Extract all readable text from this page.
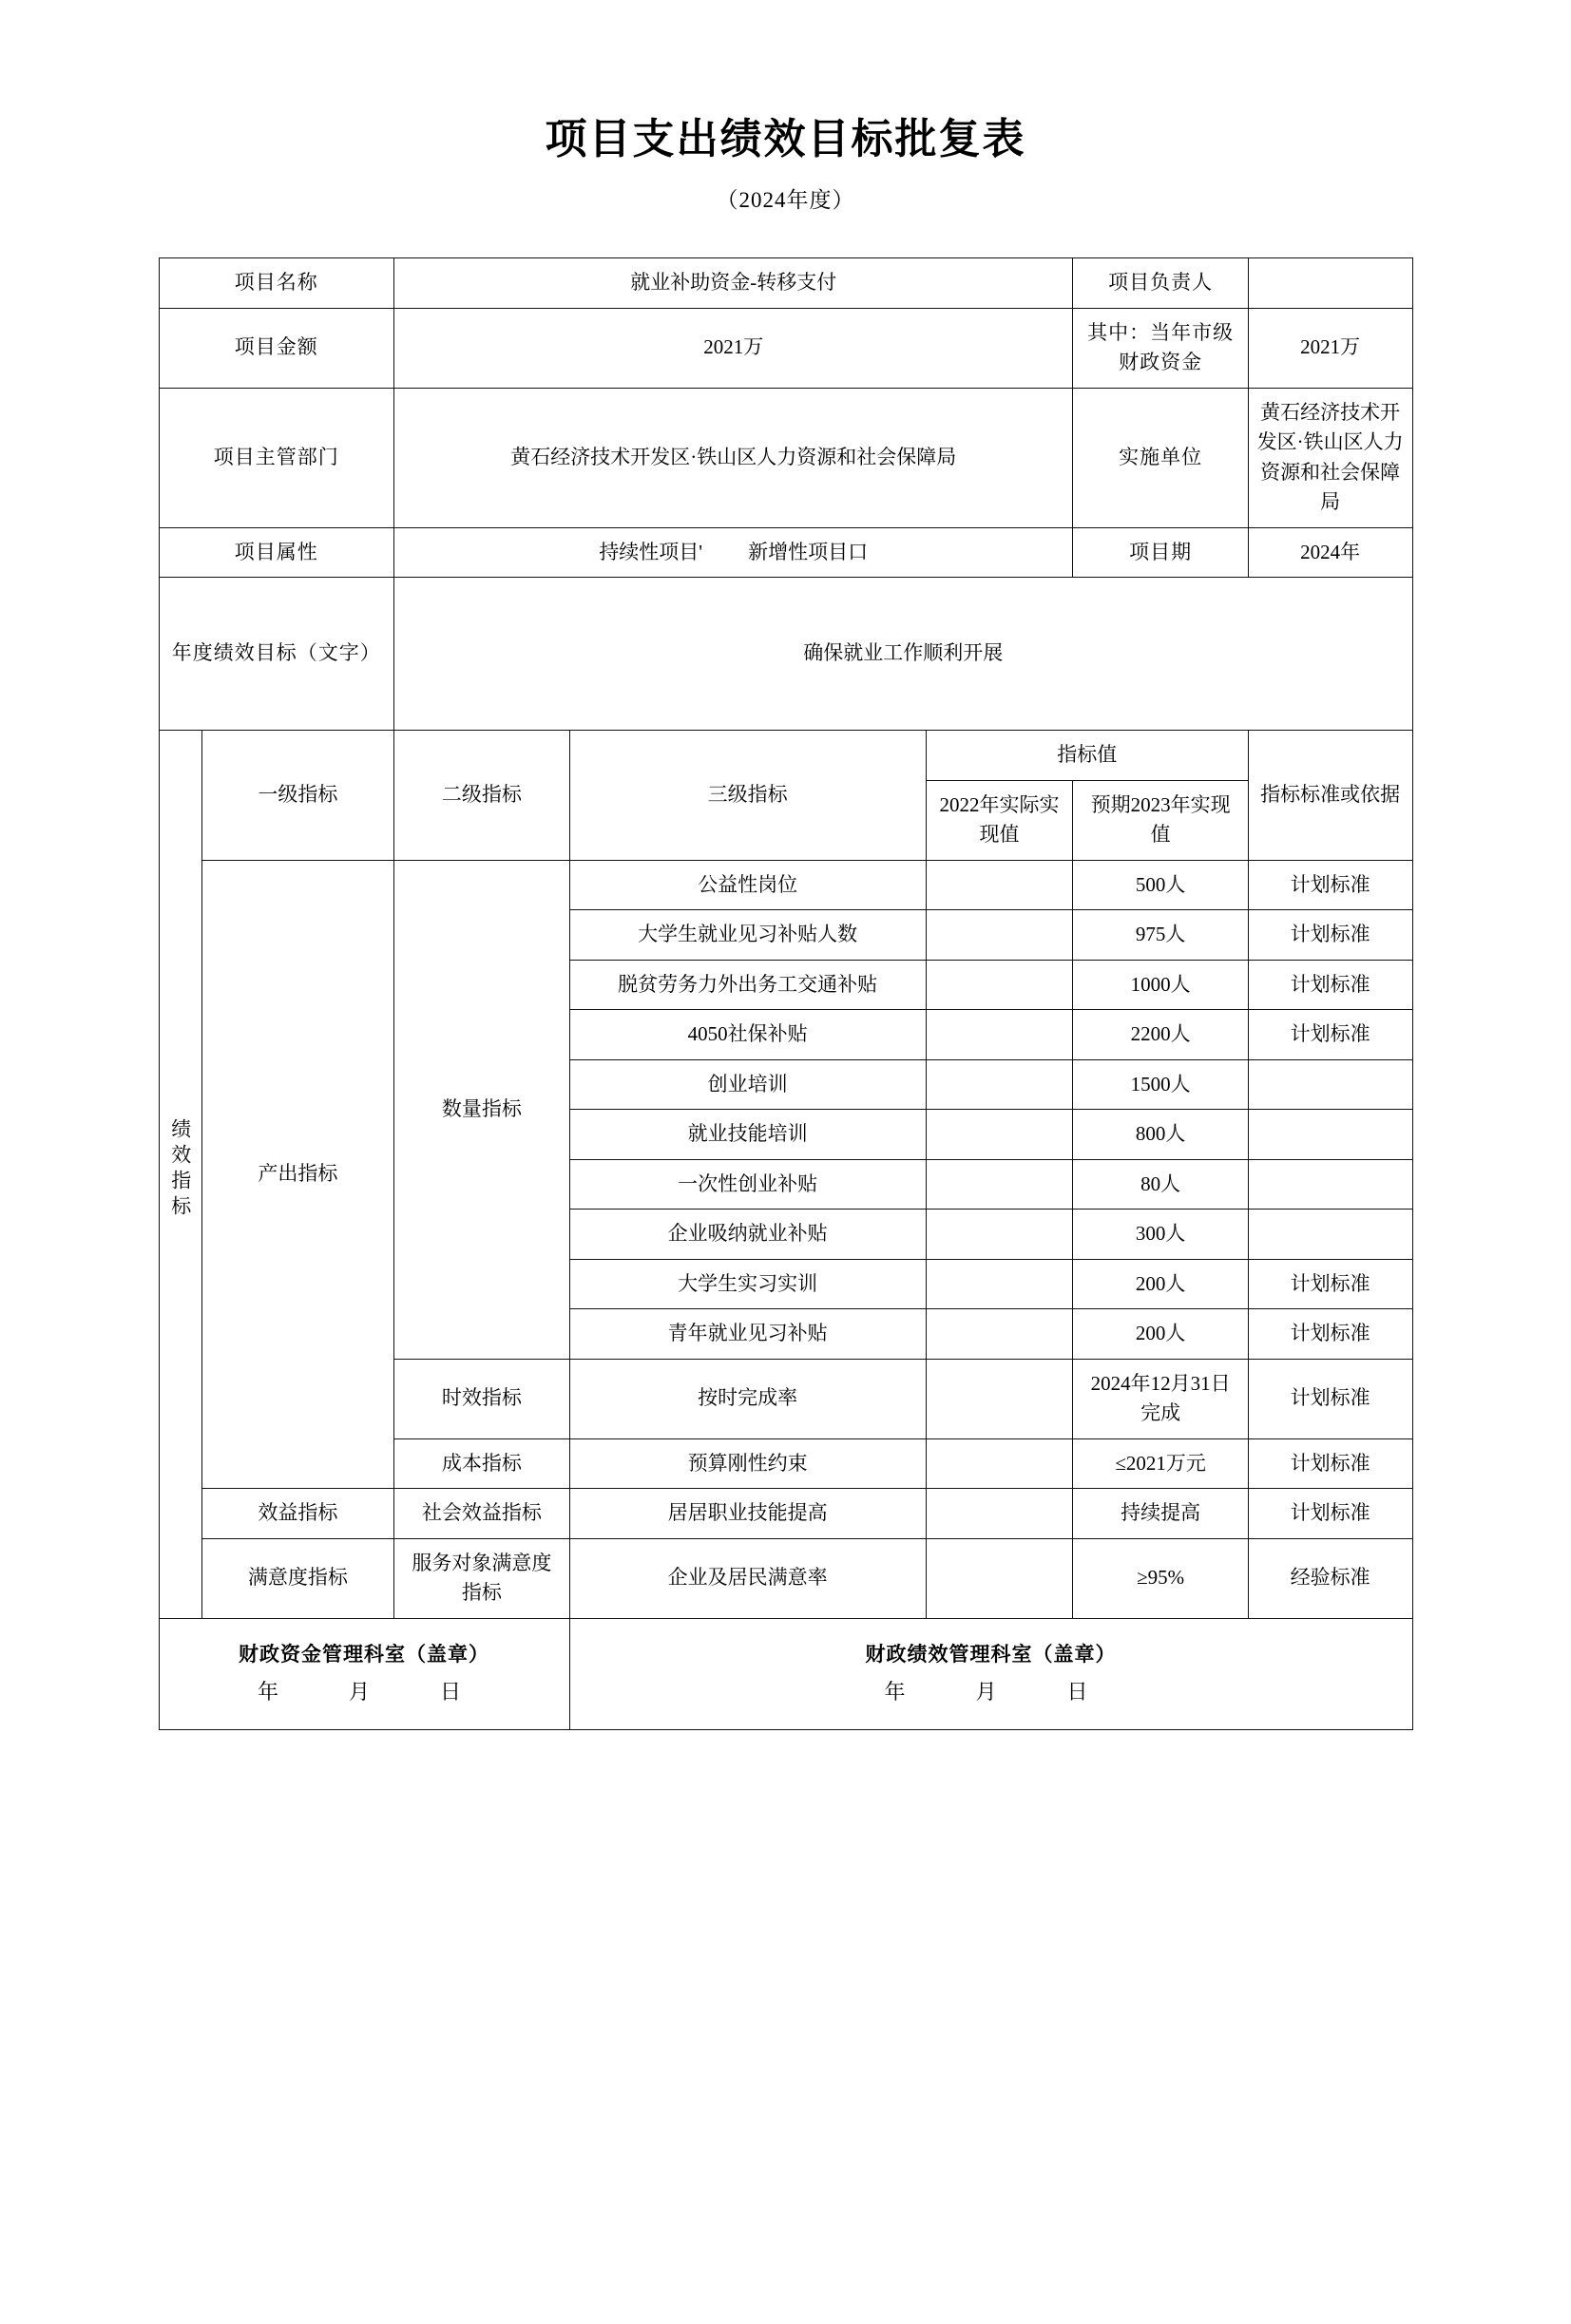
项目支出绩效目标批复表
（2024年度）
项目名称		就业补助资金-转移支付			项目负责人	
项目金额		2021万			其中：当年市级财政资金	2021万
项目主管部门		黄石经济技术开发区·铁山区人力资源和社会保障局			实施单位	黄石经济技术开发区·铁山区人力资源和社会保障局
项目属性		持续性项目' 新增性项目口			项目期	2024年
年度绩效目标（文字）		确保就业工作顺利开展				
绩效指标	一级指标	二级指标	三级指标	指标值		指标标准或依据
				2022年实际实现值	预期2023年实现值	
	产出指标	数量指标	公益性岗位		500人	计划标准
			大学生就业见习补贴人数		975人	计划标准
			脱贫劳务力外出务工交通补贴		1000人	计划标准
			4050社保补贴		2200人	计划标准
			创业培训		1500人	
			就业技能培训		800人	
			一次性创业补贴		80人	
			企业吸纳就业补贴		300人	
			大学生实习实训		200人	计划标准
			青年就业见习补贴		200人	计划标准
		时效指标	按时完成率		2024年12月31日完成	计划标准
		成本指标	预算刚性约束		≤2021万元	计划标准
	效益指标	社会效益指标	居居职业技能提高		持续提高	计划标准
	满意度指标	服务对象满意度指标	企业及居民满意率		≥95%	经验标准

财政资金管理科室（盖章）
年　　月　　日

财政绩效管理科室（盖章）
年　　月　　日
